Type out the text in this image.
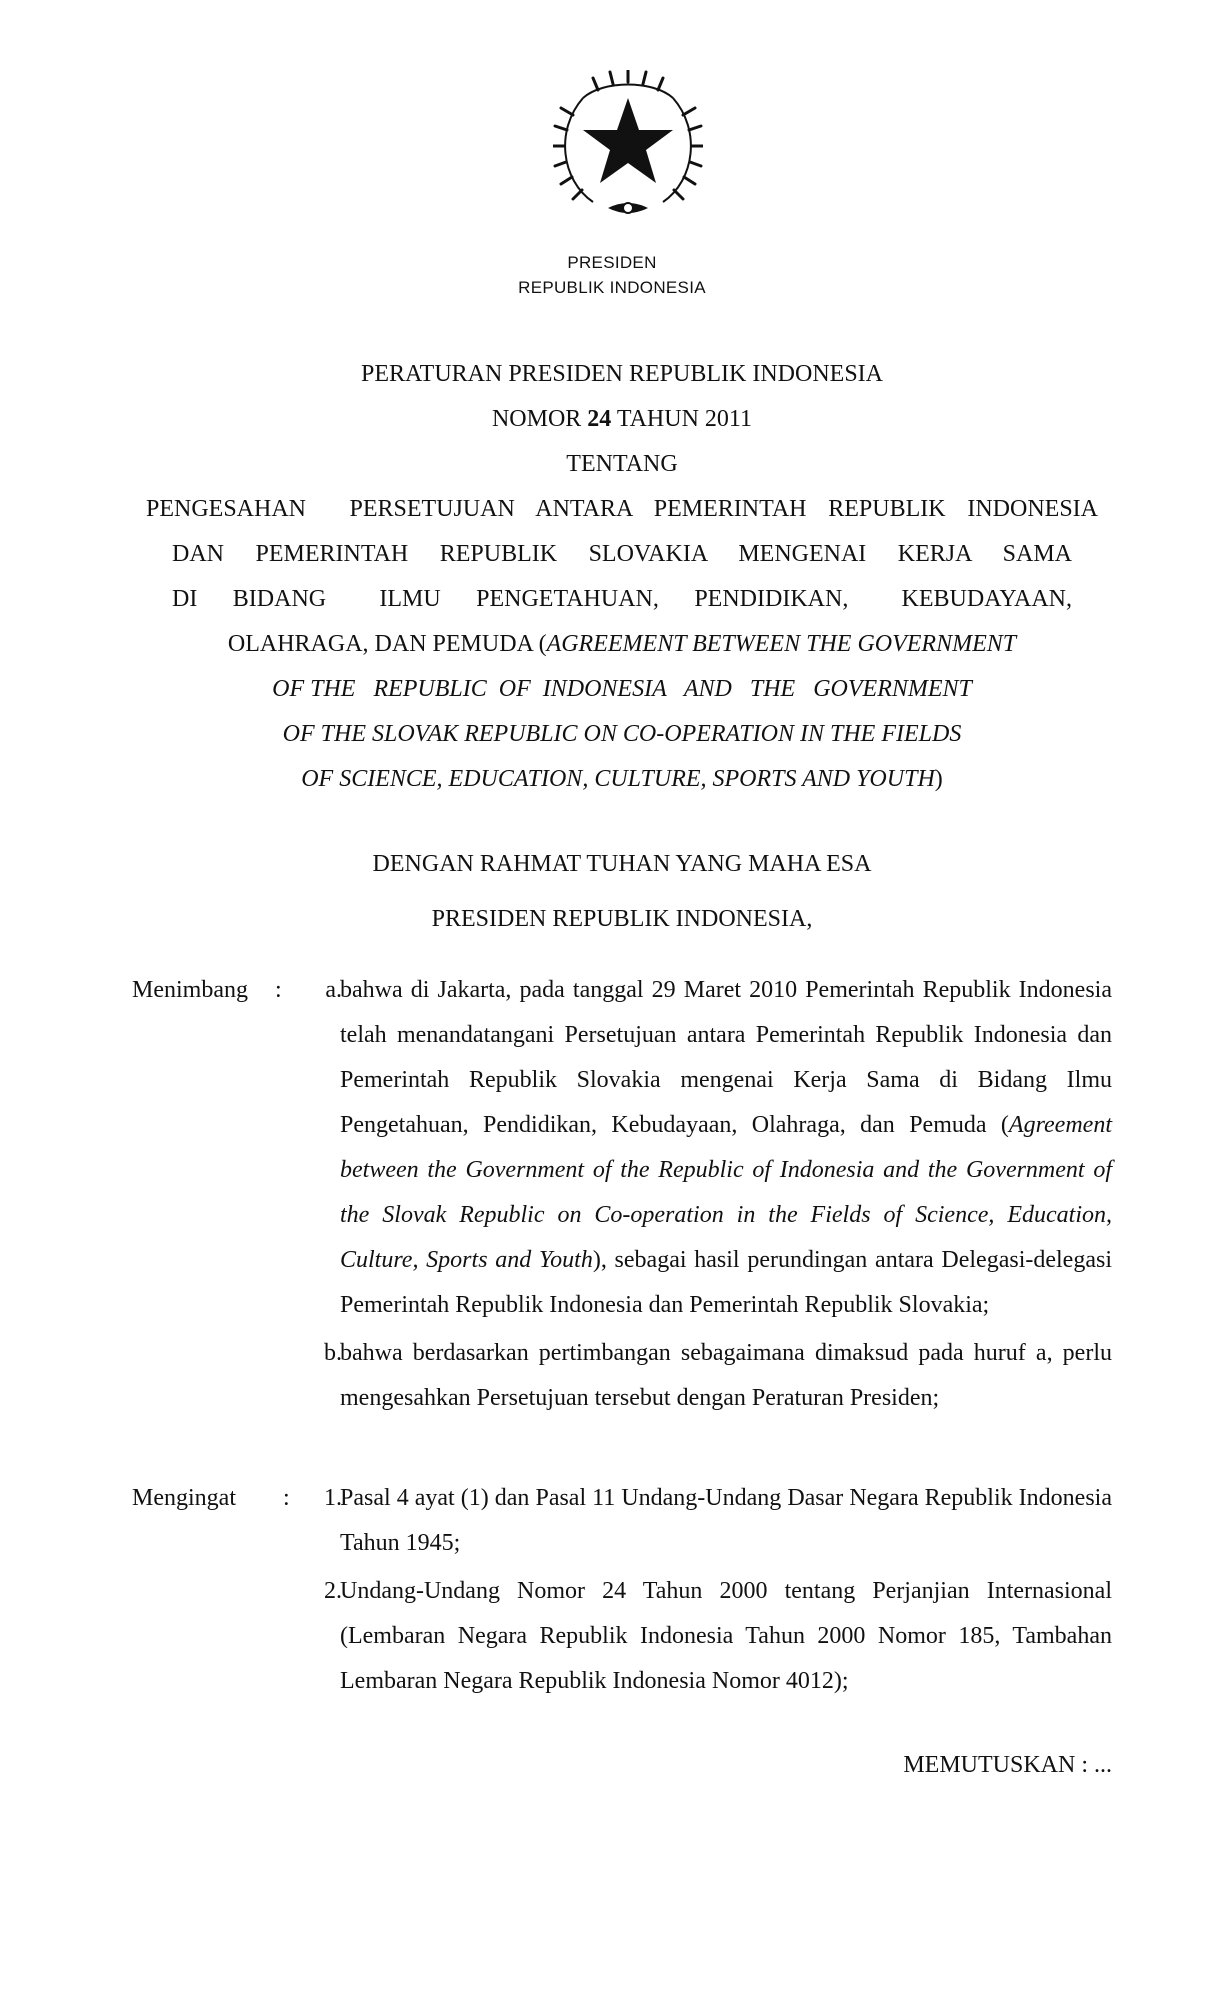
PRESIDEN
REPUBLIK INDONESIA
PERATURAN PRESIDEN REPUBLIK INDONESIA
NOMOR 24 TAHUN 2011
TENTANG
PENGESAHAN  PERSETUJUAN ANTARA PEMERINTAH REPUBLIK INDONESIA
DAN  PEMERINTAH  REPUBLIK  SLOVAKIA  MENGENAI  KERJA  SAMA
DI  BIDANG   ILMU  PENGETAHUAN,  PENDIDIKAN,   KEBUDAYAAN,
OLAHRAGA, DAN PEMUDA (AGREEMENT BETWEEN THE GOVERNMENT
OF THE   REPUBLIC  OF  INDONESIA   AND   THE   GOVERNMENT
OF THE SLOVAK REPUBLIC ON CO-OPERATION IN THE FIELDS
OF SCIENCE, EDUCATION, CULTURE, SPORTS AND YOUTH)
DENGAN RAHMAT TUHAN YANG MAHA ESA
PRESIDEN REPUBLIK INDONESIA,
Menimbang :	a.
bahwa di Jakarta, pada tanggal 29 Maret 2010 Pemerintah Republik Indonesia telah menandatangani Persetujuan antara Pemerintah Republik Indonesia dan Pemerintah Republik Slovakia mengenai Kerja Sama di Bidang Ilmu Pengetahuan, Pendidikan, Kebudayaan, Olahraga, dan Pemuda (Agreement between the Government of the Republic of Indonesia and the Government of the Slovak Republic on Co-operation in the Fields of Science, Education, Culture, Sports and Youth), sebagai hasil perundingan antara Delegasi-delegasi Pemerintah Republik Indonesia dan Pemerintah Republik Slovakia;
b.
bahwa berdasarkan pertimbangan sebagaimana dimaksud pada huruf a, perlu mengesahkan Persetujuan tersebut dengan Peraturan Presiden;
Mengingat :	1.
Pasal 4 ayat (1) dan Pasal 11 Undang-Undang Dasar Negara Republik Indonesia Tahun 1945;
2.
Undang-Undang Nomor 24 Tahun 2000 tentang Perjanjian Internasional (Lembaran Negara Republik Indonesia Tahun 2000 Nomor 185, Tambahan Lembaran Negara Republik Indonesia Nomor 4012);
MEMUTUSKAN : ...
